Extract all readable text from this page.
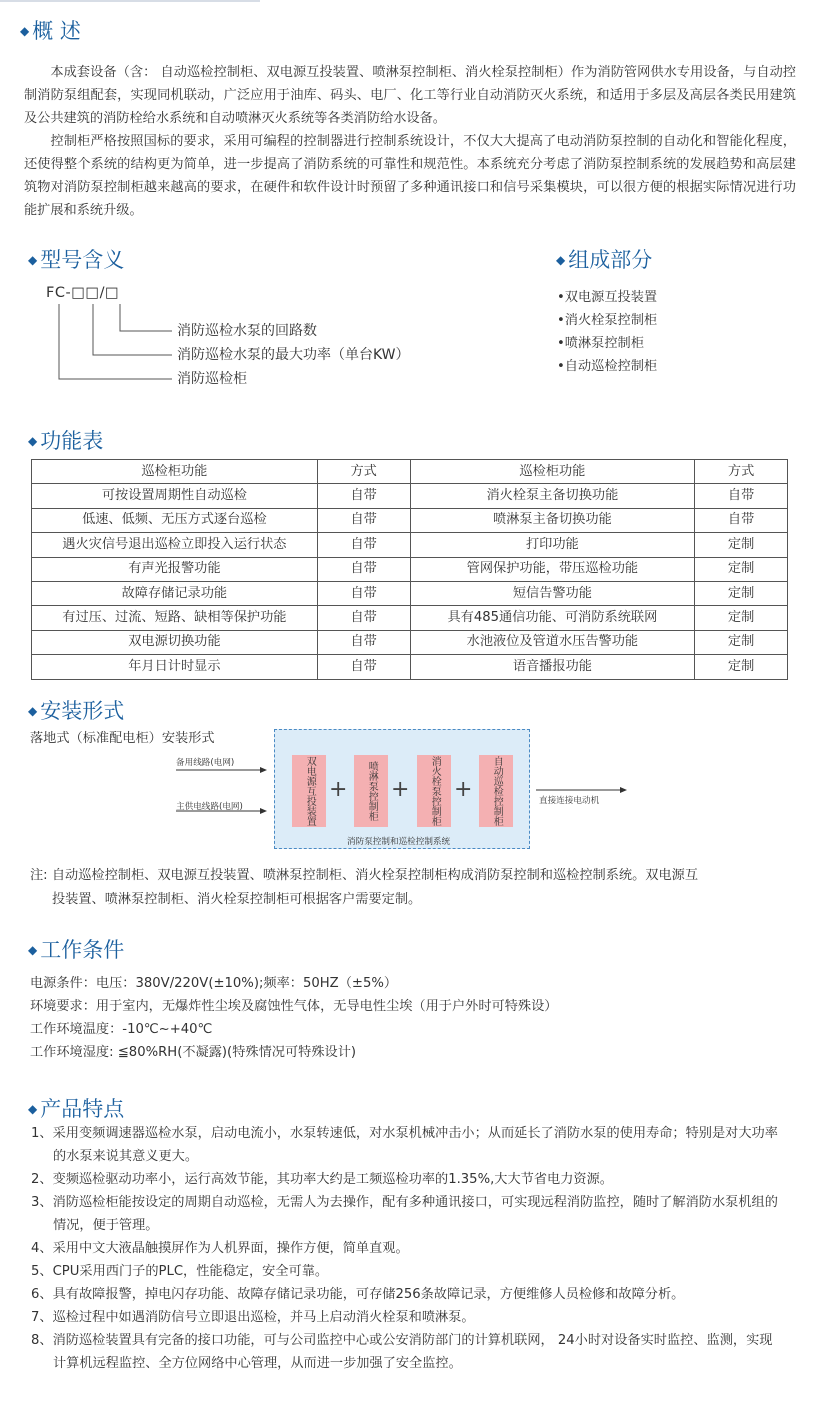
◆ 概 述

本成套设备（含： 自动巡检控制柜、双电源互投装置、喷淋泵控制柜、消火栓泵控制柜）作为消防管网供水专用设备，与自动控制消防泵组配套，实现同机联动，广泛应用于油库、码头、电厂、化工等行业自动消防灭火系统，和适用于多层及高层各类民用建筑及公共建筑的消防栓给水系统和自动喷淋灭火系统等各类消防给水设备。

控制柜严格按照国标的要求，采用可编程的控制器进行控制系统设计，不仅大大提高了电动消防泵控制的自动化和智能化程度，还使得整个系统的结构更为简单，进一步提高了消防系统的可靠性和规范性。本系统充分考虑了消防泵控制系统的发展趋势和高层建筑物对消防泵控制柜越来越高的要求，在硬件和软件设计时预留了多种通讯接口和信号采集模块，可以很方便的根据实际情况进行功能扩展和系统升级。

◆ 型号含义
FC-□□/□
消防巡检水泵的回路数
消防巡检水泵的最大功率（单台KW）
消防巡检柜
◆ 组成部分
•双电源互投装置
•消火栓泵控制柜
•喷淋泵控制柜
•自动巡检控制柜
◆ 功能表
巡检柜功能	方式	巡检柜功能	方式
可按设置周期性自动巡检	自带	消火栓泵主备切换功能	自带
低速、低频、无压方式逐台巡检	自带	喷淋泵主备切换功能	自带
遇火灾信号退出巡检立即投入运行状态	自带	打印功能	定制
有声光报警功能	自带	管网保护功能，带压巡检功能	定制
故障存储记录功能	自带	短信告警功能	定制
有过压、过流、短路、缺相等保护功能	自带	具有485通信功能、可消防系统联网	定制
双电源切换功能	自带	水池液位及管道水压告警功能	定制
年月日计时显示	自带	语音播报功能	定制
◆ 安装形式
落地式（标准配电柜）安装形式
备用线路(电网)
主供电线路(电网)	双电源互投装置 +	喷淋泵控制柜 +	消火栓泵控制柜 +	自动巡检控制柜
消防泵控制和巡检控制系统
直接连接电动机
注: 自动巡检控制柜、双电源互投装置、喷淋泵控制柜、消火栓泵控制柜构成消防泵控制和巡检控制系统。双电源互
投装置、喷淋泵控制柜、消火栓泵控制柜可根据客户需要定制。
◆ 工作条件
电源条件：电压：380V/220V(±10%);频率：50HZ（±5%）
环境要求：用于室内，无爆炸性尘埃及腐蚀性气体，无导电性尘埃（用于户外时可特殊设）
工作环境温度：-10℃~+40℃
工作环境湿度: ≦80%RH(不凝露)(特殊情况可特殊设计)
◆ 产品特点

1、采用变频调速器巡检水泵，启动电流小，水泵转速低，对水泵机械冲击小；从而延长了消防水泵的使用寿命；特别是对大功率的水泵来说其意义更大。

2、变频巡检驱动功率小，运行高效节能，其功率大约是工频巡检功率的1.35%,大大节省电力资源。

3、消防巡检柜能按设定的周期自动巡检，无需人为去操作，配有多种通讯接口，可实现远程消防监控，随时了解消防水泵机组的情况，便于管理。

4、采用中文大液晶触摸屏作为人机界面，操作方便，简单直观。

5、CPU采用西门子的PLC，性能稳定，安全可靠。

6、具有故障报警，掉电闪存功能、故障存储记录功能，可存储256条故障记录，方便维修人员检修和故障分析。

7、巡检过程中如遇消防信号立即退出巡检，并马上启动消火栓泵和喷淋泵。

8、消防巡检装置具有完备的接口功能，可与公司监控中心或公安消防部门的计算机联网， 24小时对设备实时监控、监测，实现计算机远程监控、全方位网络中心管理，从而进一步加强了安全监控。
